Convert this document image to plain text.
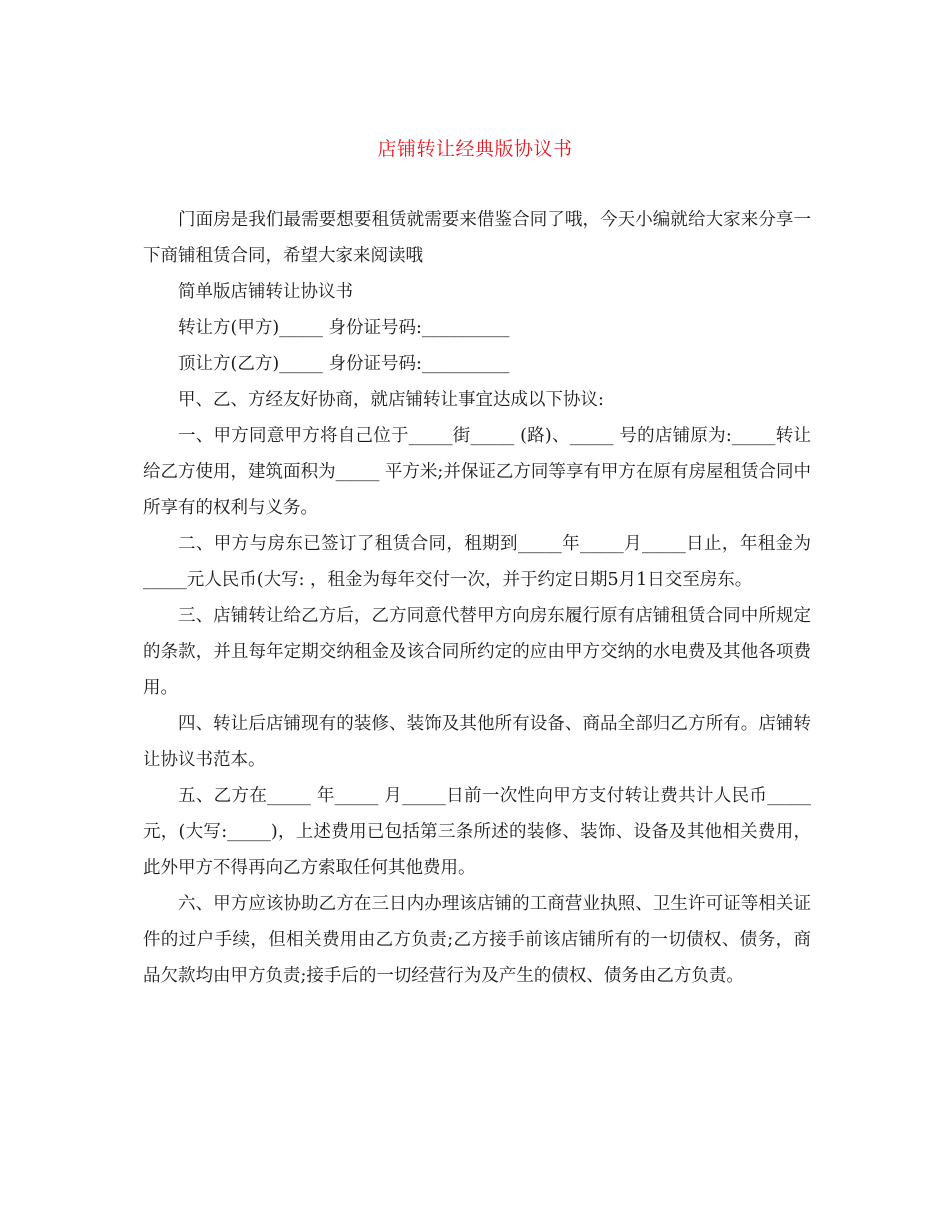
店铺转让经典版协议书

门面房是我们最需要想要租赁就需要来借鉴合同了哦，今天小编就给大家来分享一下商铺租赁合同，希望大家来阅读哦

简单版店铺转让协议书

转让方(甲方)_____ 身份证号码:__________

顶让方(乙方)_____ 身份证号码:__________

甲、乙、方经友好协商，就店铺转让事宜达成以下协议:

一、甲方同意甲方将自己位于_____街_____ (路)、_____ 号的店铺原为:_____转让给乙方使用，建筑面积为_____ 平方米;并保证乙方同等享有甲方在原有房屋租赁合同中所享有的权利与义务。

二、甲方与房东已签订了租赁合同，租期到_____年_____月_____日止，年租金为_____元人民币(大写: ，租金为每年交付一次，并于约定日期5月1日交至房东。

三、店铺转让给乙方后，乙方同意代替甲方向房东履行原有店铺租赁合同中所规定的条款，并且每年定期交纳租金及该合同所约定的应由甲方交纳的水电费及其他各项费用。

四、转让后店铺现有的装修、装饰及其他所有设备、商品全部归乙方所有。店铺转让协议书范本。

五、乙方在_____ 年_____ 月_____日前一次性向甲方支付转让费共计人民币_____ 元，(大写:_____)，上述费用已包括第三条所述的装修、装饰、设备及其他相关费用，此外甲方不得再向乙方索取任何其他费用。

六、甲方应该协助乙方在三日内办理该店铺的工商营业执照、卫生许可证等相关证件的过户手续，但相关费用由乙方负责;乙方接手前该店铺所有的一切债权、债务，商品欠款均由甲方负责;接手后的一切经营行为及产生的债权、债务由乙方负责。
